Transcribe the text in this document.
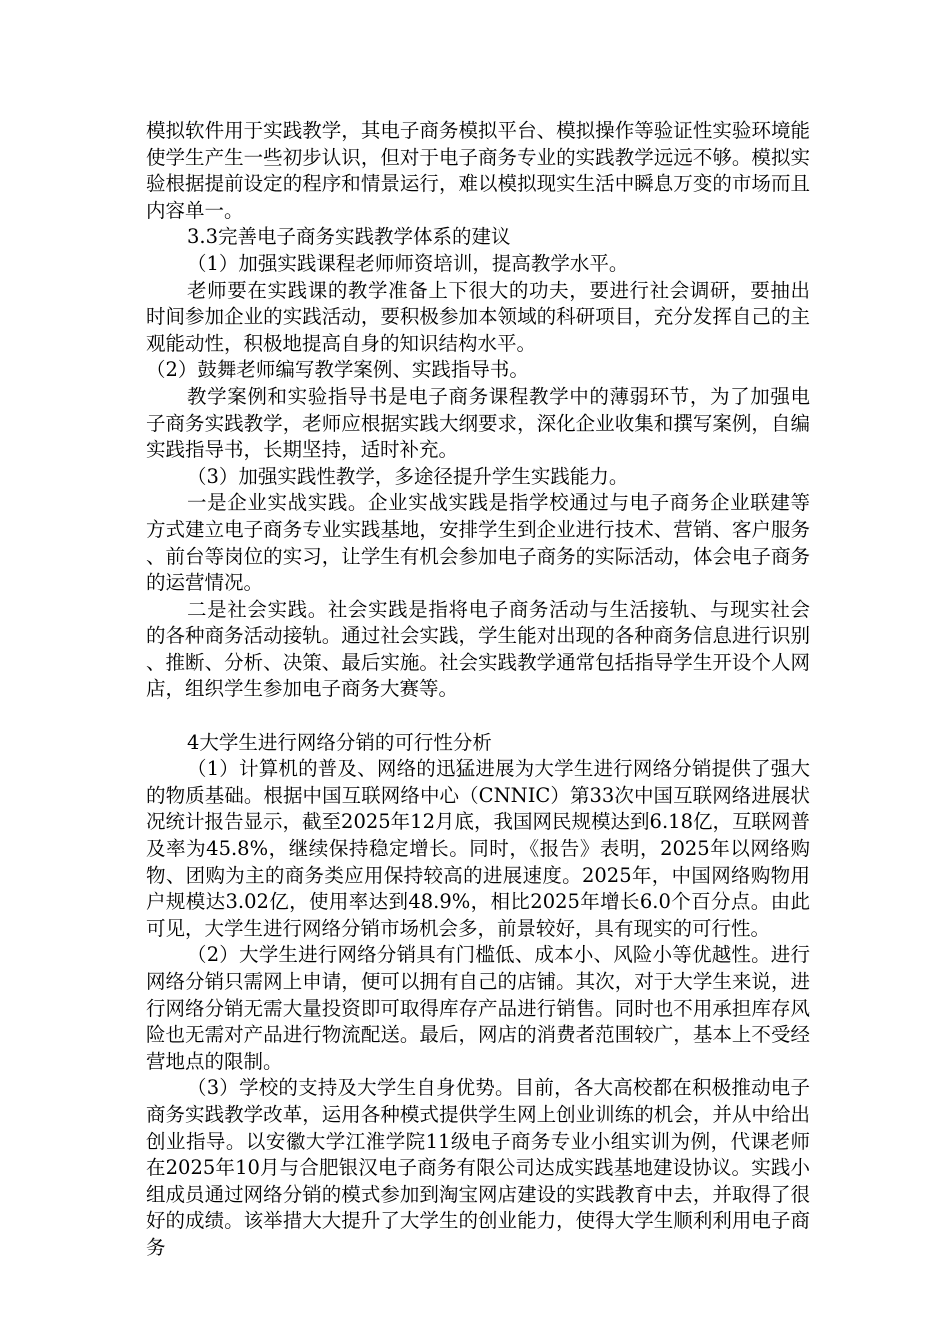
模拟软件用于实践教学，其电子商务模拟平台、模拟操作等验证性实验环境能使学生产生一些初步认识，但对于电子商务专业的实践教学远远不够。模拟实验根据提前设定的程序和情景运行，难以模拟现实生活中瞬息万变的市场而且内容单一。

3.3完善电子商务实践教学体系的建议

（1）加强实践课程老师师资培训，提高教学水平。

老师要在实践课的教学准备上下很大的功夫，要进行社会调研，要抽出时间参加企业的实践活动，要积极参加本领域的科研项目，充分发挥自己的主观能动性，积极地提高自身的知识结构水平。

（2）鼓舞老师编写教学案例、实践指导书。

教学案例和实验指导书是电子商务课程教学中的薄弱环节，为了加强电子商务实践教学，老师应根据实践大纲要求，深化企业收集和撰写案例，自编实践指导书，长期坚持，适时补充。

（3）加强实践性教学，多途径提升学生实践能力。

一是企业实战实践。企业实战实践是指学校通过与电子商务企业联建等方式建立电子商务专业实践基地，安排学生到企业进行技术、营销、客户服务、前台等岗位的实习，让学生有机会参加电子商务的实际活动，体会电子商务的运营情况。

二是社会实践。社会实践是指将电子商务活动与生活接轨、与现实社会的各种商务活动接轨。通过社会实践，学生能对出现的各种商务信息进行识别、推断、分析、决策、最后实施。社会实践教学通常包括指导学生开设个人网店，组织学生参加电子商务大赛等。

4大学生进行网络分销的可行性分析

（1）计算机的普及、网络的迅猛进展为大学生进行网络分销提供了强大的物质基础。根据中国互联网络中心（CNNIC）第33次中国互联网络进展状况统计报告显示，截至2025年12月底，我国网民规模达到6.18亿，互联网普及率为45.8%，继续保持稳定增长。同时，《报告》表明，2025年以网络购物、团购为主的商务类应用保持较高的进展速度。2025年，中国网络购物用户规模达3.02亿，使用率达到48.9%，相比2025年增长6.0个百分点。由此可见，大学生进行网络分销市场机会多，前景较好，具有现实的可行性。

（2）大学生进行网络分销具有门槛低、成本小、风险小等优越性。进行网络分销只需网上申请，便可以拥有自己的店铺。其次，对于大学生来说，进行网络分销无需大量投资即可取得库存产品进行销售。同时也不用承担库存风险也无需对产品进行物流配送。最后，网店的消费者范围较广，基本上不受经营地点的限制。

（3）学校的支持及大学生自身优势。目前，各大高校都在积极推动电子商务实践教学改革，运用各种模式提供学生网上创业训练的机会，并从中给出创业指导。以安徽大学江淮学院11级电子商务专业小组实训为例，代课老师在2025年10月与合肥银汉电子商务有限公司达成实践基地建设协议。实践小组成员通过网络分销的模式参加到淘宝网店建设的实践教育中去，并取得了很好的成绩。该举措大大提升了大学生的创业能力，使得大学生顺利利用电子商务
